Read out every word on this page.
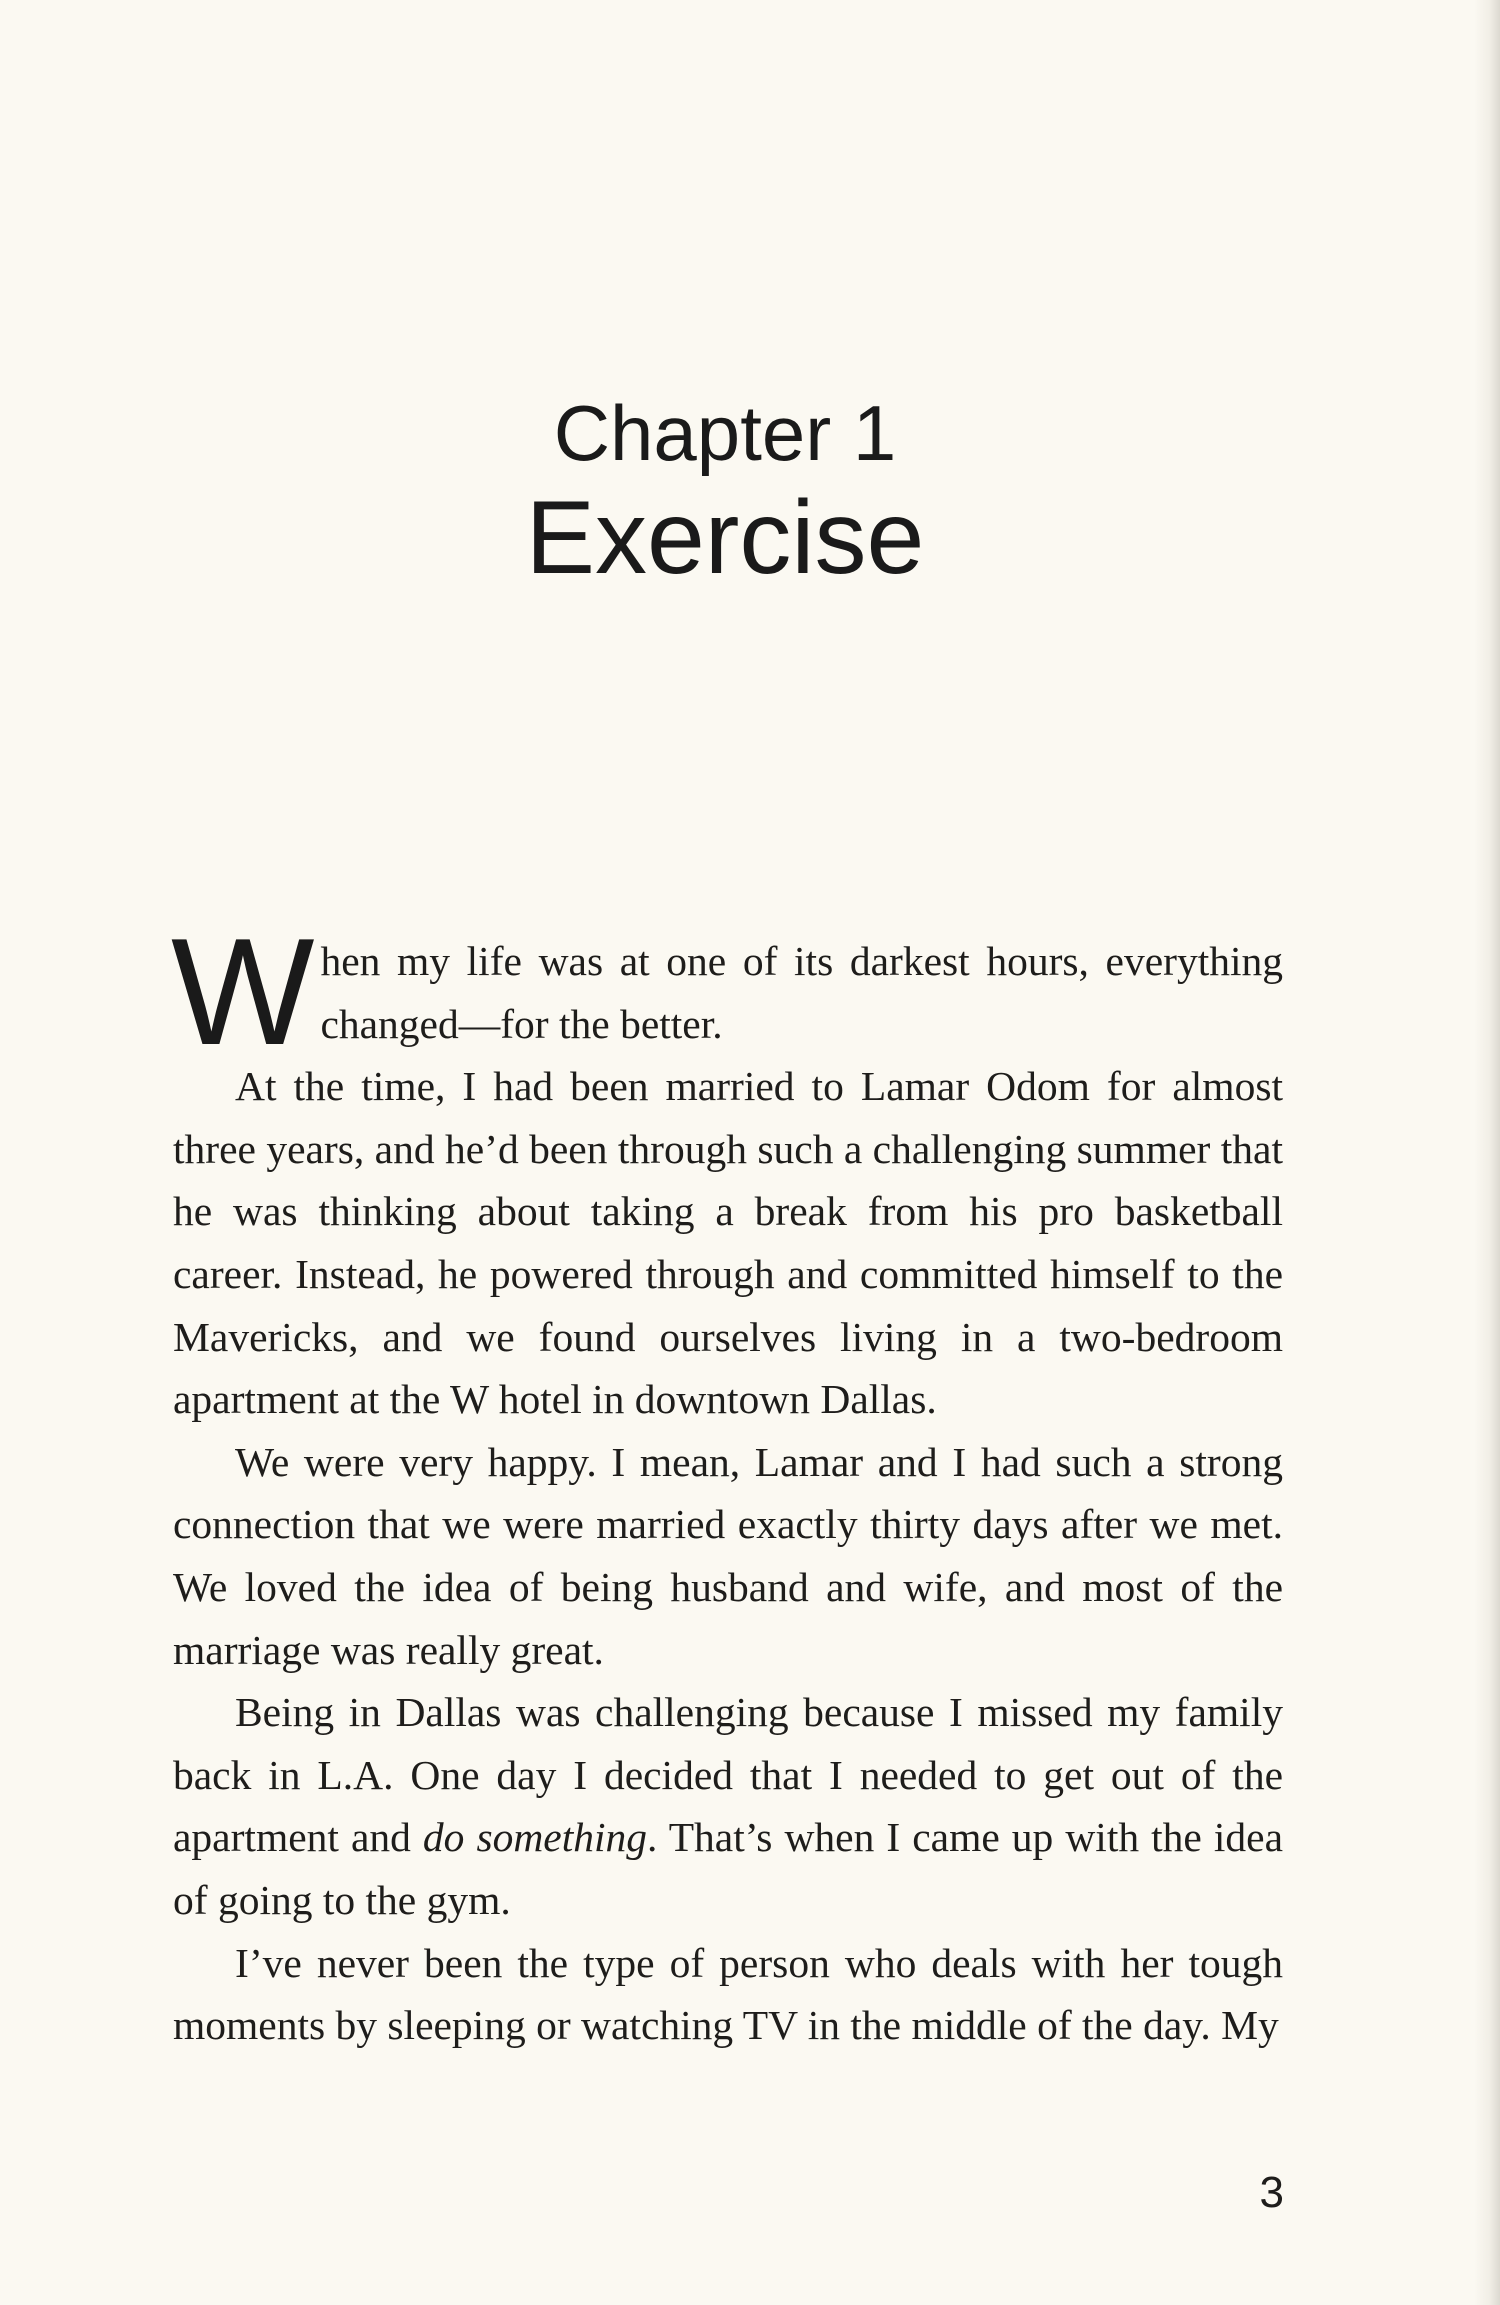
Chapter 1
Exercise

When my life was at one of its darkest hours, everything changed—for the better.

At the time, I had been married to Lamar Odom for almost three years, and he’d been through such a challenging summer that he was thinking about taking a break from his pro basketball career. Instead, he powered through and committed himself to the Mavericks, and we found ourselves living in a two-bedroom apartment at the W hotel in downtown Dallas.

We were very happy. I mean, Lamar and I had such a strong connection that we were married exactly thirty days after we met. We loved the idea of being husband and wife, and most of the marriage was really great.

Being in Dallas was challenging because I missed my family back in L.A. One day I decided that I needed to get out of the apartment and do something. That’s when I came up with the idea of going to the gym.

I’ve never been the type of person who deals with her tough moments by sleeping or watching TV in the middle of the day. My

3
